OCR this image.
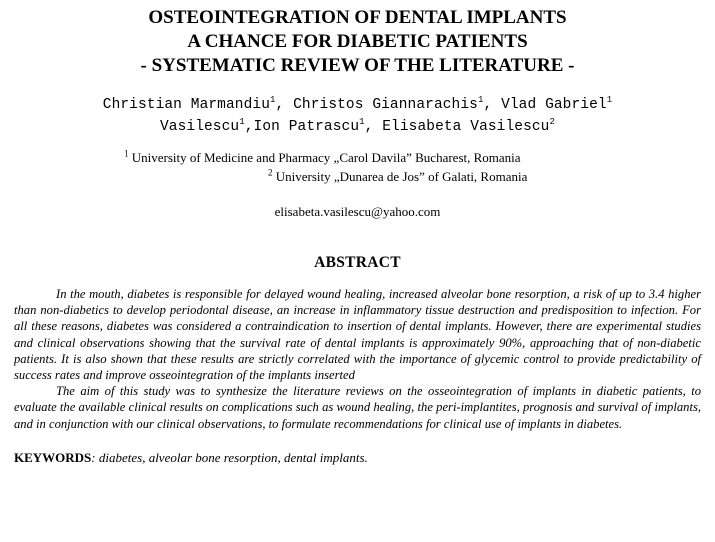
OSTEOINTEGRATION OF DENTAL IMPLANTS
A CHANCE FOR DIABETIC PATIENTS
- SYSTEMATIC REVIEW OF THE LITERATURE -
Christian Marmandiu$^1$, Christos Giannarachis$^1$, Vlad Gabriel$^1$
Vasilescu$^1$,Ion Patrascu$^1$, Elisabeta Vasilescu$^2$
$^1$ University of Medicine and Pharmacy „Carol Davila” Bucharest, Romania
$^2$ University „Dunarea de Jos” of Galati, Romania
elisabeta.vasilescu@yahoo.com
ABSTRACT

In the mouth, diabetes is responsible for delayed wound healing, increased alveolar bone resorption, a risk of up to 3.4 higher than non-diabetics to develop periodontal disease, an increase in inflammatory tissue destruction and predisposition to infection. For all these reasons, diabetes was considered a contraindication to insertion of dental implants. However, there are experimental studies and clinical observations showing that the survival rate of dental implants is approximately 90%, approaching that of non-diabetic patients. It is also shown that these results are strictly correlated with the importance of glycemic control to provide predictability of success rates and improve osseointegration of the implants inserted

The aim of this study was to synthesize the literature reviews on the osseointegration of implants in diabetic patients, to evaluate the available clinical results on complications such as wound healing, the peri-implantites, prognosis and survival of implants, and in conjunction with our clinical observations, to formulate recommendations for clinical use of implants in diabetes.

KEYWORDS: diabetes, alveolar bone resorption, dental implants.
